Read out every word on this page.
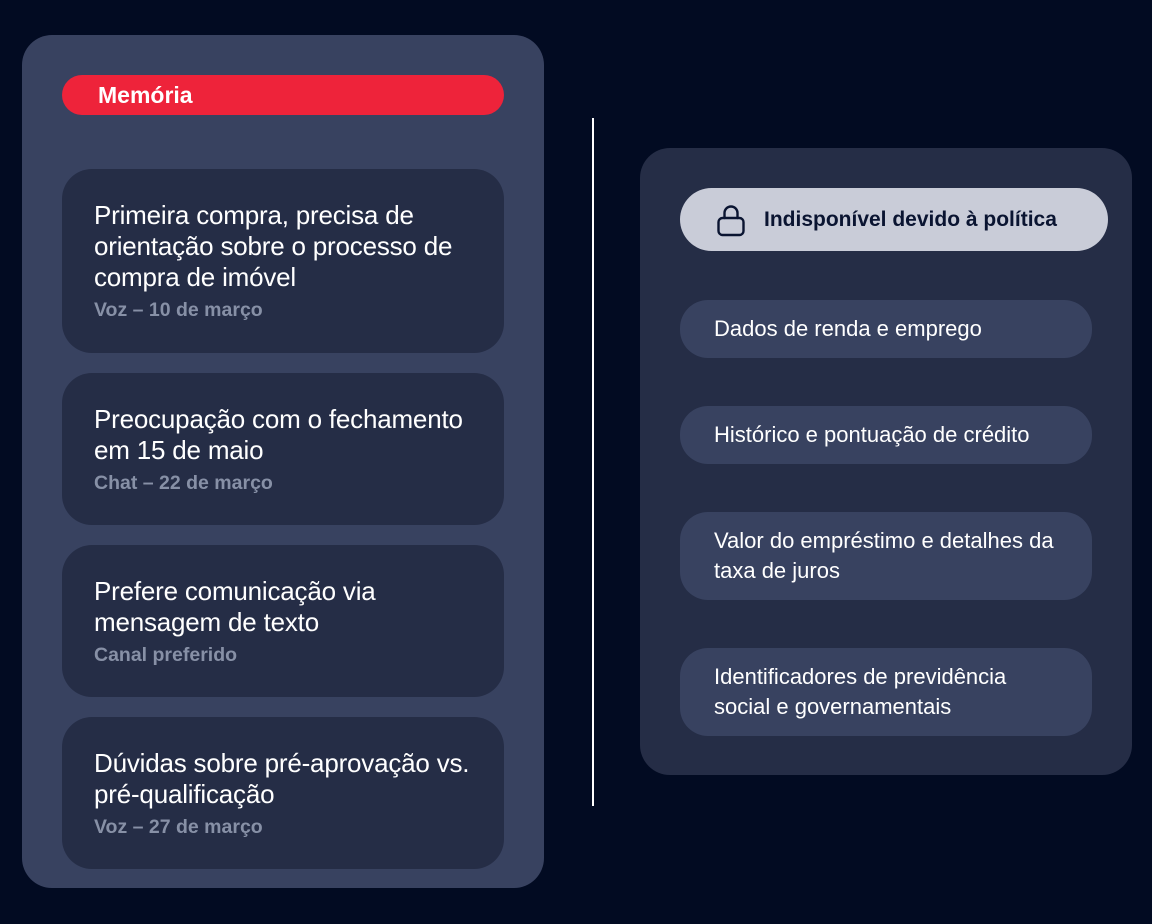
Memória
Primeira compra, precisa de orientação sobre o processo de compra de imóvel
Voz – 10 de março
Preocupação com o fechamento em 15 de maio
Chat – 22 de março
Prefere comunicação via mensagem de texto
Canal preferido
Dúvidas sobre pré-aprovação vs. pré-qualificação
Voz – 27 de março
Indisponível devido à política
Dados de renda e emprego
Histórico e pontuação de crédito
Valor do empréstimo e detalhes da taxa de juros
Identificadores de previdência social e governamentais
